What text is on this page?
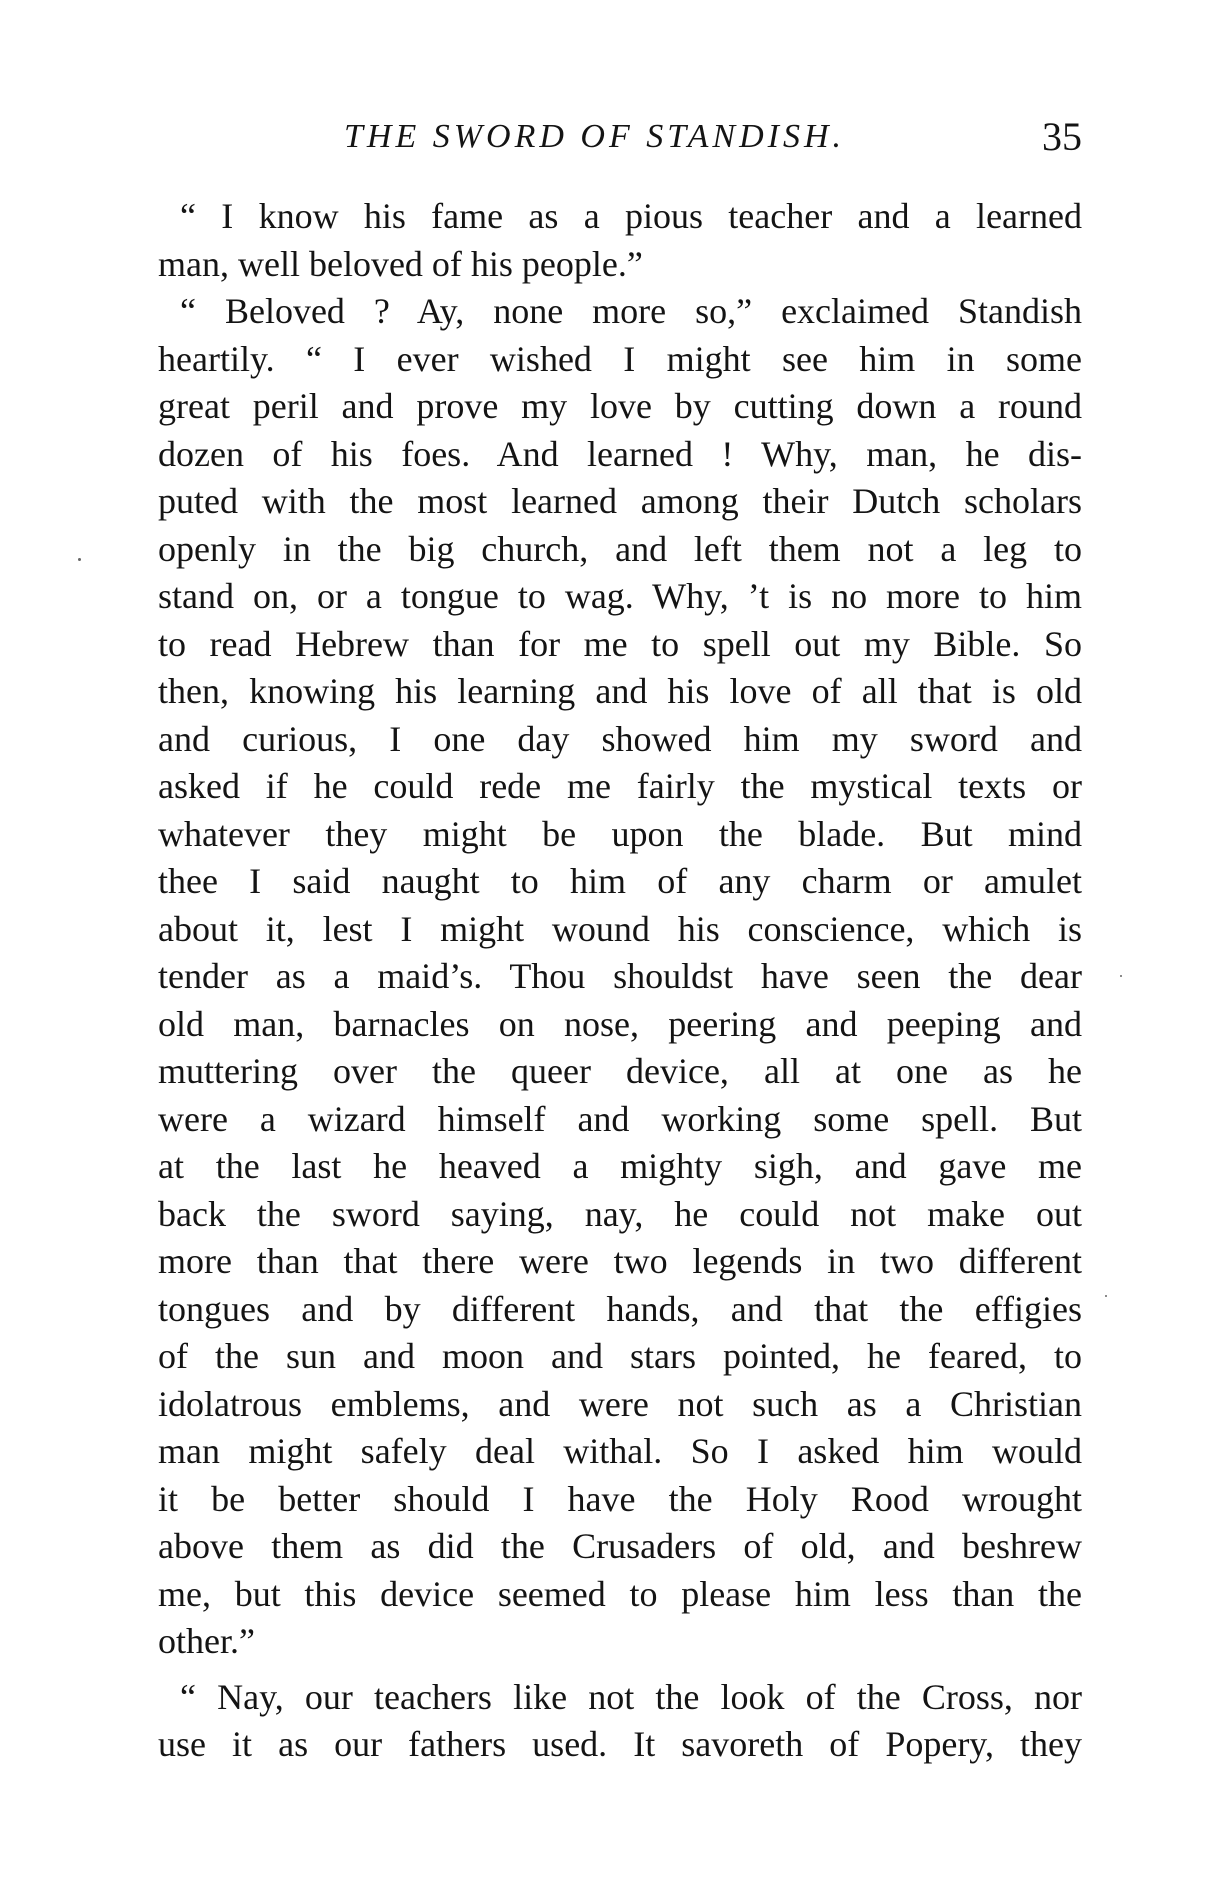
THE SWORD OF STANDISH.	35
“ I know his fame as a pious teacher and a learned
man, well beloved of his people.”
“ Beloved ? Ay, none more so,” exclaimed Standish
heartily. “ I ever wished I might see him in some
great peril and prove my love by cutting down a round
dozen of his foes. And learned ! Why, man, he dis-
puted with the most learned among their Dutch scholars
openly in the big church, and left them not a leg to
stand on, or a tongue to wag. Why, ’t is no more to him
to read Hebrew than for me to spell out my Bible. So
then, knowing his learning and his love of all that is old
and curious, I one day showed him my sword and
asked if he could rede me fairly the mystical texts or
whatever they might be upon the blade. But mind
thee I said naught to him of any charm or amulet
about it, lest I might wound his conscience, which is
tender as a maid’s. Thou shouldst have seen the dear
old man, barnacles on nose, peering and peeping and
muttering over the queer device, all at one as he
were a wizard himself and working some spell. But
at the last he heaved a mighty sigh, and gave me
back the sword saying, nay, he could not make out
more than that there were two legends in two different
tongues and by different hands, and that the effigies
of the sun and moon and stars pointed, he feared, to
idolatrous emblems, and were not such as a Christian
man might safely deal withal. So I asked him would
it be better should I have the Holy Rood wrought
above them as did the Crusaders of old, and beshrew
me, but this device seemed to please him less than the
other.”
“ Nay, our teachers like not the look of the Cross, nor
use it as our fathers used. It savoreth of Popery, they
